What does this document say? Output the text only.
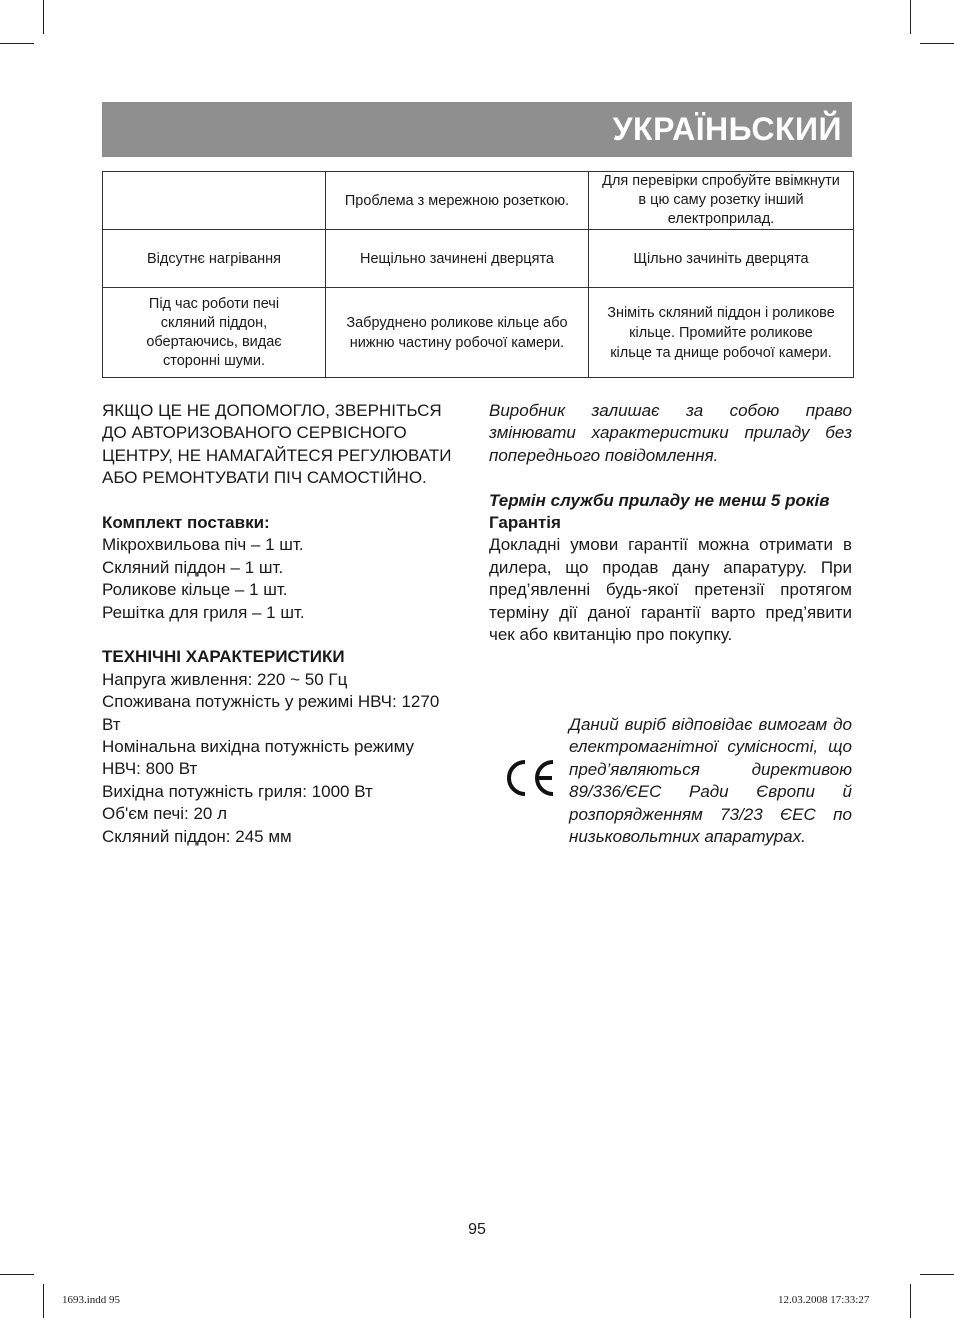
УКРАЇНЬСКИЙ
	Проблема з мережною розеткою.	Для перевірки спробуйте ввімкнути в цю саму розетку інший електроприлад.
Відсутнє нагрівання	Нещільно зачинені дверцята	Щільно зачиніть дверцята
Під час роботи печі скляний піддон, обертаючись, видає сторонні шуми.	Забруднено роликове кільце або нижню частину робочої камери.	Зніміть скляний піддон і роликове кільце. Промийте роликове кільце та днище робочої камери.

ЯКЩО ЦЕ НЕ ДОПОМОГЛО, ЗВЕРНІТЬСЯ ДО АВТОРИЗОВАНОГО СЕРВІСНОГО ЦЕНТРУ, НЕ НАМАГАЙТЕСЯ РЕГУЛЮВАТИ АБО РЕМОНТУВАТИ ПІЧ САМОСТІЙНО.

Комплект поставки:

Мікрохвильова піч – 1 шт.

Скляний піддон – 1 шт.

Роликове кільце – 1 шт.

Решітка для гриля – 1 шт.

ТЕХНІЧНІ ХАРАКТЕРИСТИКИ

Напруга живлення: 220 ~ 50 Гц

Споживана потужність у режимі НВЧ: 1270 Вт

Номінальна вихідна потужність режиму НВЧ: 800 Вт

Вихідна потужність гриля: 1000 Вт

Об'єм печі: 20 л

Скляний піддон: 245 мм

Виробник залишає за собою право змінювати характеристики приладу без попереднього повідомлення.

Термін служби приладу не менш 5 років

Гарантія

Докладні умови гарантії можна отримати в дилера, що продав дану апаратуру. При пред’явленні будь-якої претензії протягом терміну дії даної гарантії варто пред’явити чек або квитанцію про покупку.

Даний виріб відповідає вимогам до електромагнітної сумісності, що пред’являються директивою 89/336/ЄЕС Ради Європи й розпорядженням 73/23 ЄЕС по низьковольтних апаратурах.

95
1693.indd 95	12.03.2008 17:33:27
